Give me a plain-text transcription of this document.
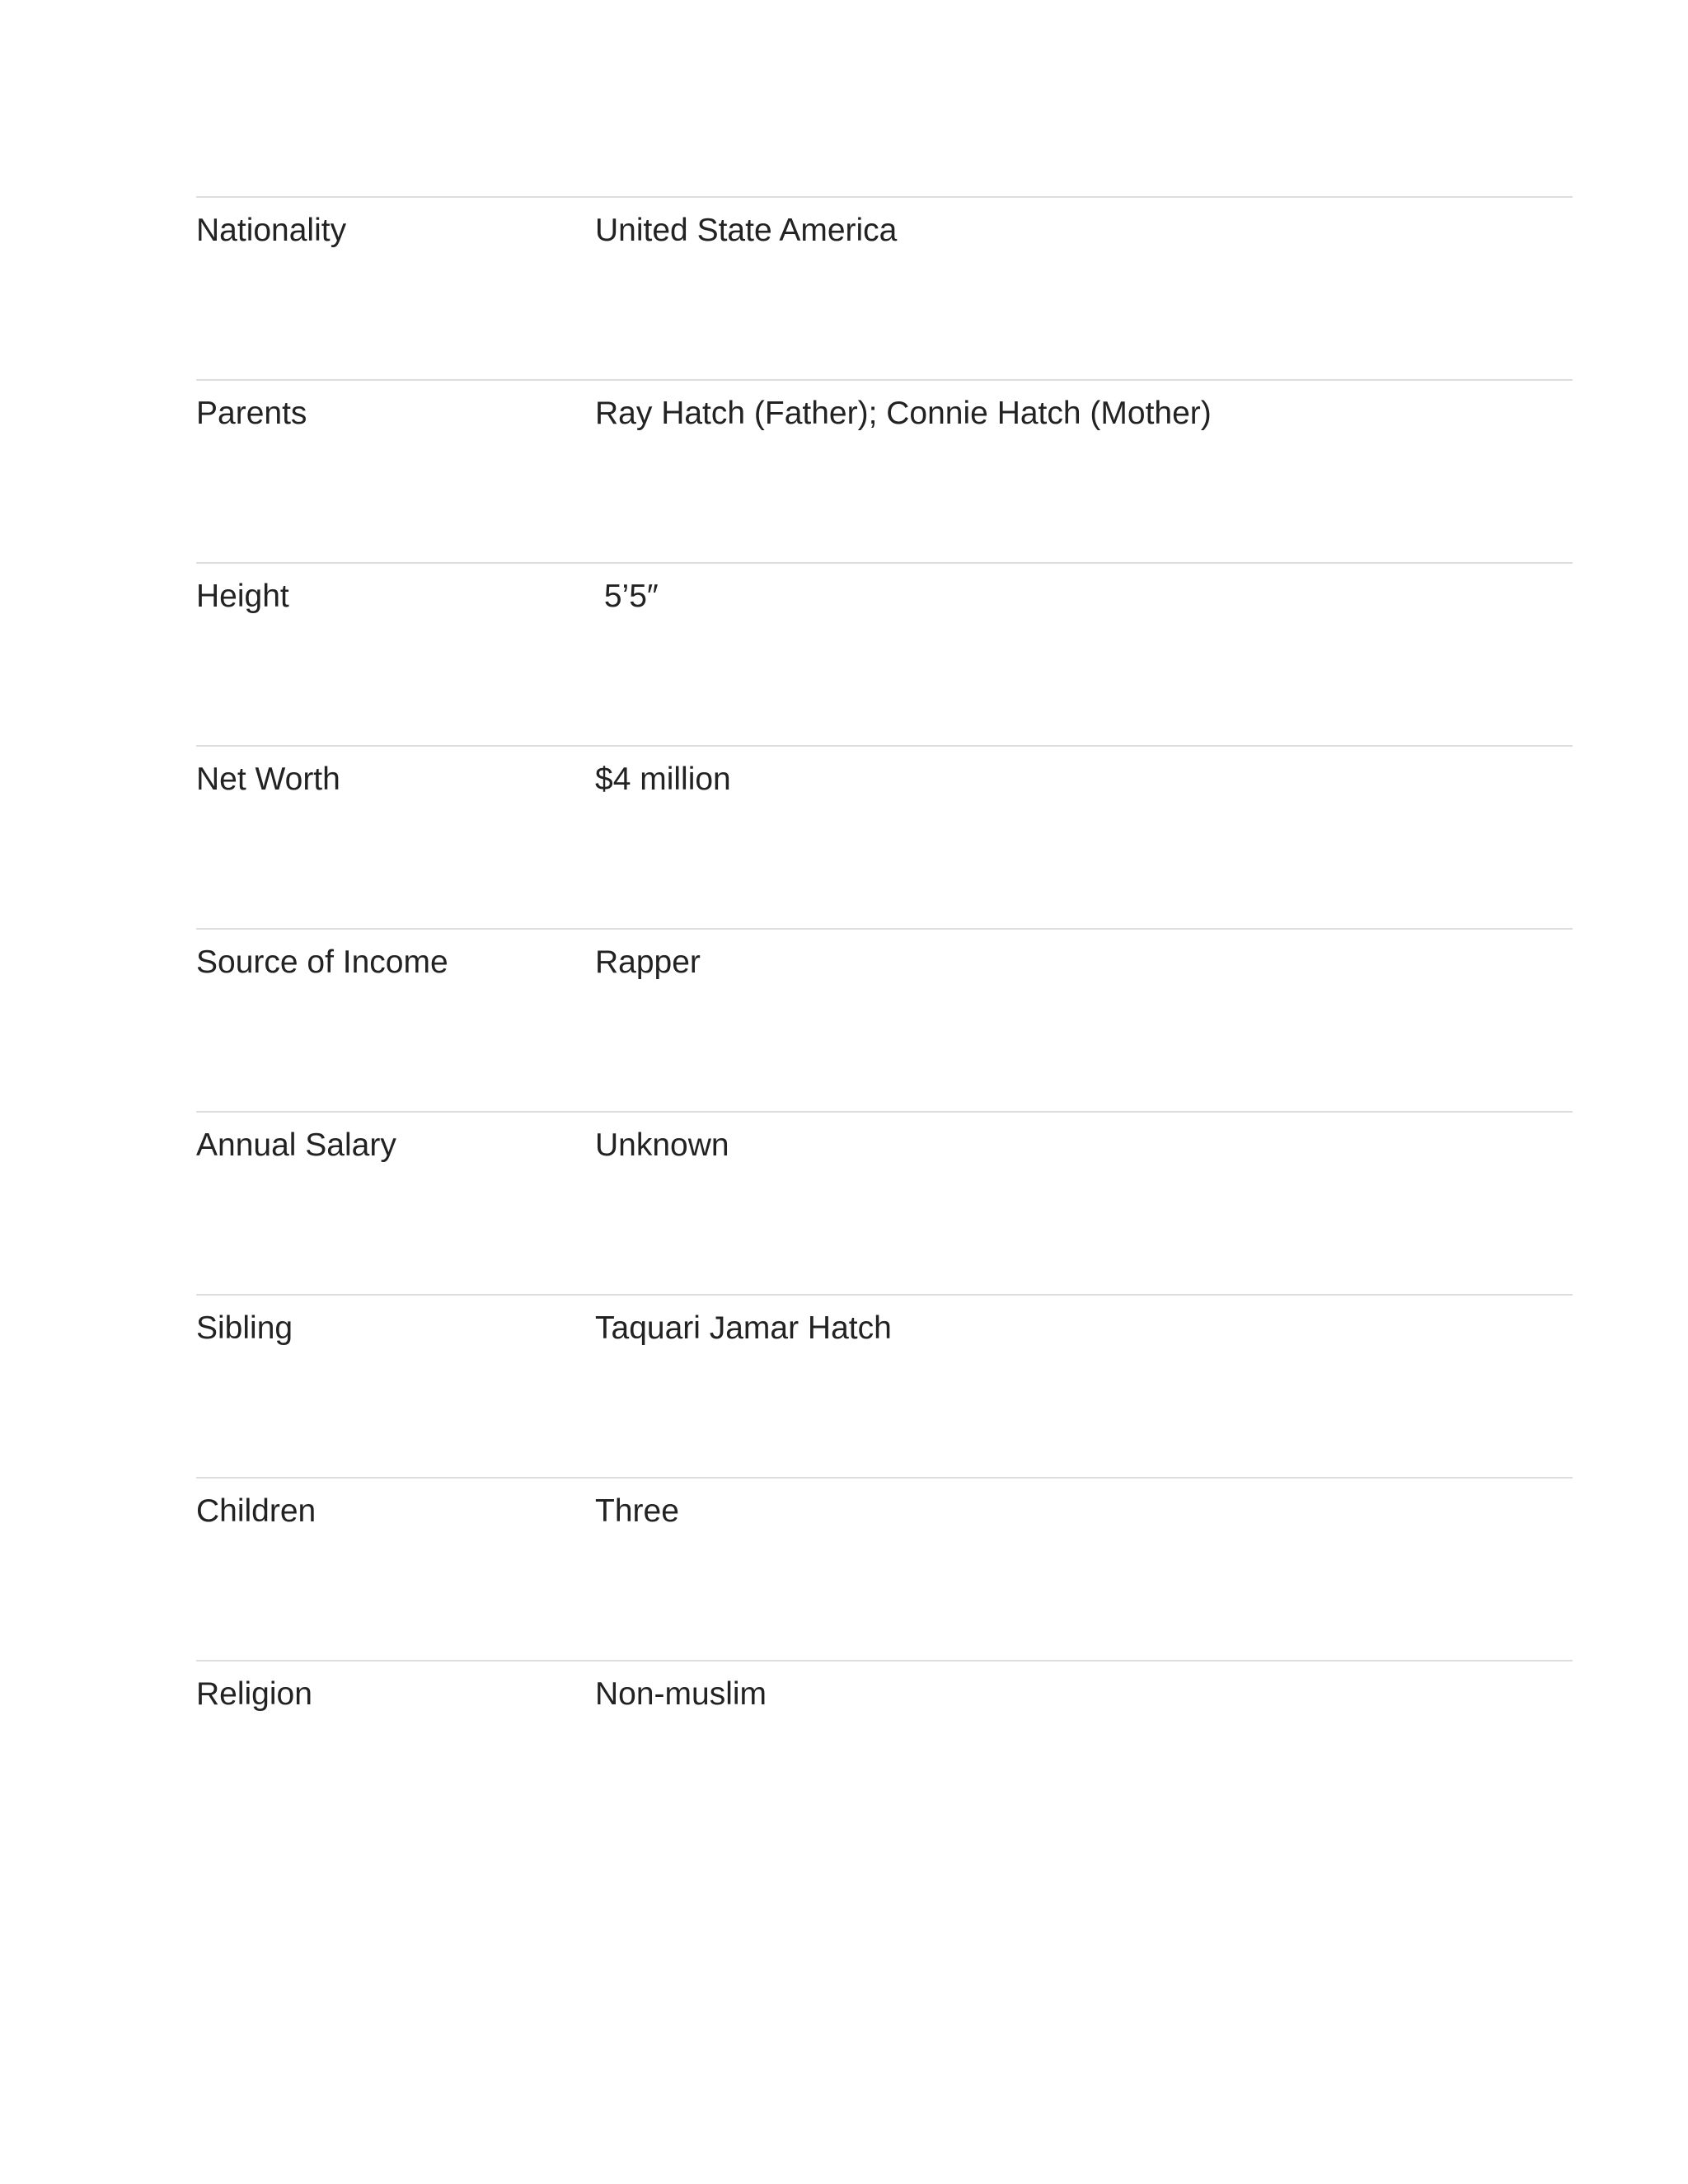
Nationality	United State America
Parents	Ray Hatch (Father); Connie Hatch (Mother)
Height	5’5″
Net Worth	$4 million
Source of Income	Rapper
Annual Salary	Unknown
Sibling	Taquari Jamar Hatch
Children	Three
Religion	Non-muslim
